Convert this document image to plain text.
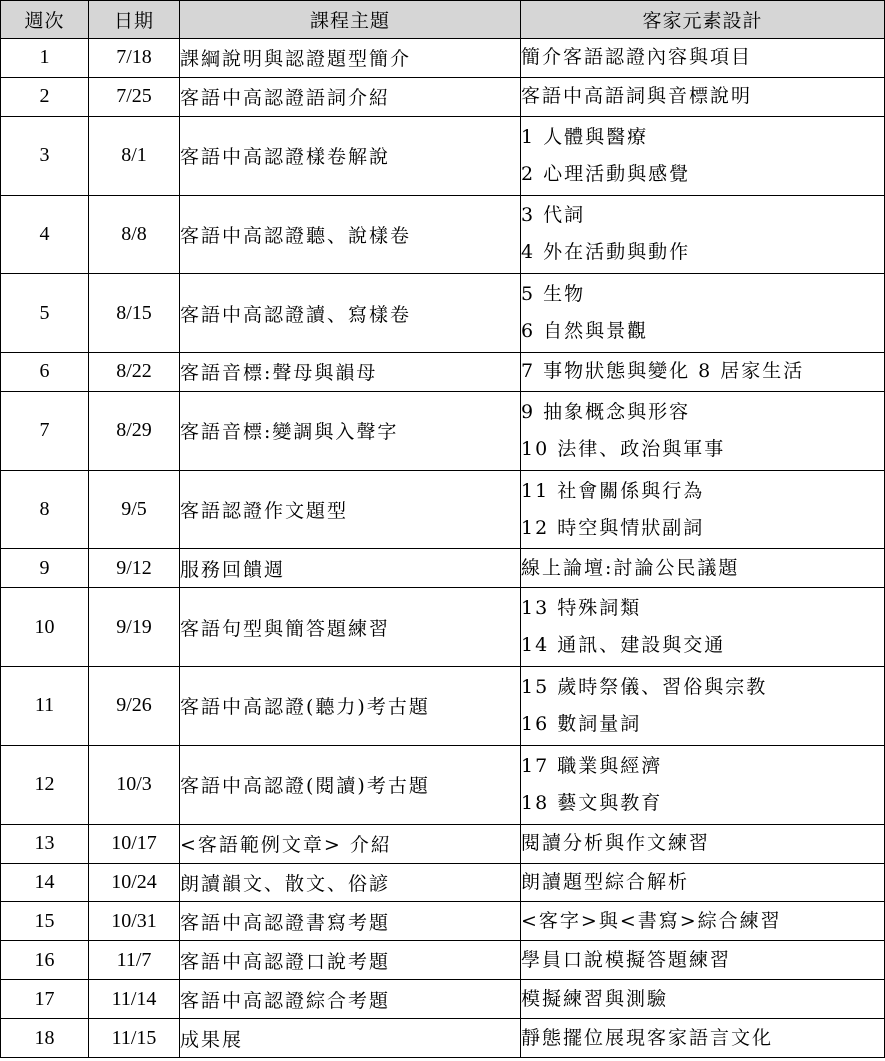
週次	日期	課程主題	客家元素設計
1	7/18	課綱說明與認證題型簡介	簡介客語認證內容與項目

2	7/25	客語中高認證語詞介紹	客語中高語詞與音標說明

3	8/1	客語中高認證樣卷解說	1 人體與醫療
2 心理活動與感覺

4	8/8	客語中高認證聽、說樣卷	3 代詞
4 外在活動與動作

5	8/15	客語中高認證讀、寫樣卷	5 生物
6 自然與景觀

6	8/22	客語音標:聲母與韻母	7 事物狀態與變化 8 居家生活

7	8/29	客語音標:變調與入聲字	9 抽象概念與形容
10 法律、政治與軍事

8	9/5	客語認證作文題型	11 社會關係與行為
12 時空與情狀副詞

9	9/12	服務回饋週	線上論壇:討論公民議題

10	9/19	客語句型與簡答題練習	13 特殊詞類
14 通訊、建設與交通

11	9/26	客語中高認證(聽力)考古題	15 歲時祭儀、習俗與宗教
16 數詞量詞

12	10/3	客語中高認證(閱讀)考古題	17 職業與經濟
18 藝文與教育

13	10/17	<客語範例文章> 介紹	閱讀分析與作文練習

14	10/24	朗讀韻文、散文、俗諺	朗讀題型綜合解析

15	10/31	客語中高認證書寫考題	<客字>與<書寫>綜合練習

16	11/7	客語中高認證口說考題	學員口說模擬答題練習

17	11/14	客語中高認證綜合考題	模擬練習與測驗

18	11/15	成果展	靜態擺位展現客家語言文化
